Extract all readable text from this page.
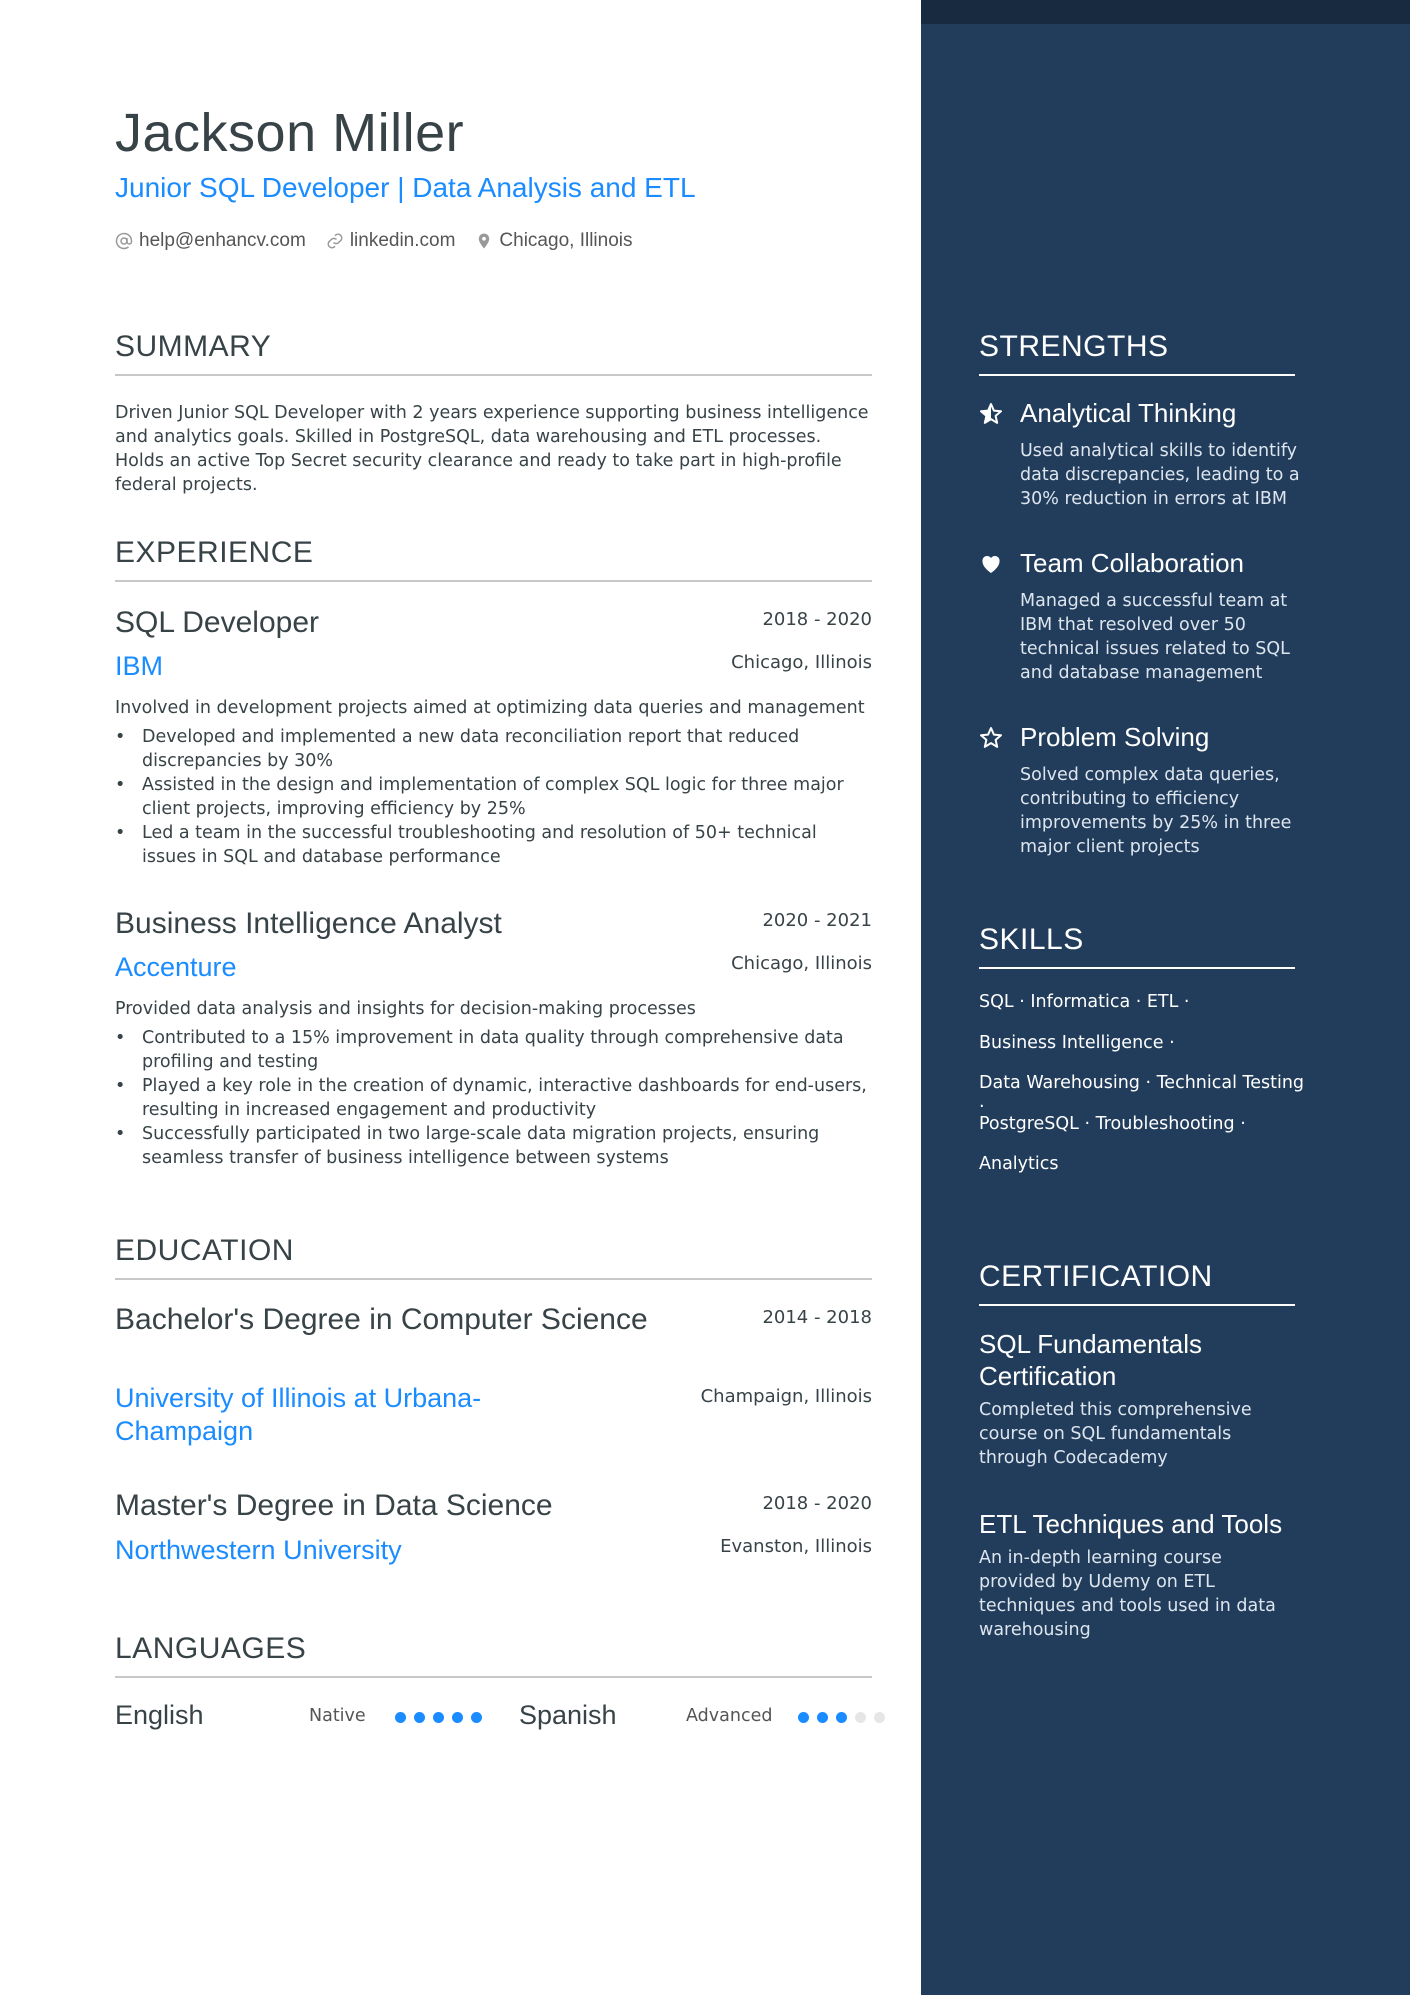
Jackson Miller
Junior SQL Developer | Data Analysis and ETL
help@enhancv.com linkedin.com Chicago, Illinois
SUMMARY
Driven Junior SQL Developer with 2 years experience supporting business intelligence and analytics goals. Skilled in PostgreSQL, data warehousing and ETL processes. Holds an active Top Secret security clearance and ready to take part in high-profile federal projects.
EXPERIENCE
SQL Developer	2018 - 2020
IBM	Chicago, Illinois
Involved in development projects aimed at optimizing data queries and management
• Developed and implemented a new data reconciliation report that reduced discrepancies by 30%
• Assisted in the design and implementation of complex SQL logic for three major client projects, improving efficiency by 25%
• Led a team in the successful troubleshooting and resolution of 50+ technical issues in SQL and database performance
Business Intelligence Analyst	2020 - 2021
Accenture	Chicago, Illinois
Provided data analysis and insights for decision-making processes
• Contributed to a 15% improvement in data quality through comprehensive data profiling and testing
• Played a key role in the creation of dynamic, interactive dashboards for end-users, resulting in increased engagement and productivity
• Successfully participated in two large-scale data migration projects, ensuring seamless transfer of business intelligence between systems
EDUCATION
Bachelor's Degree in Computer Science	2014 - 2018
University of Illinois at Urbana-Champaign
Champaign, Illinois
Master's Degree in Data Science	2018 - 2020
Northwestern University	Evanston, Illinois
LANGUAGES
English	Native	Spanish	Advanced
STRENGTHS
Analytical Thinking
Used analytical skills to identify data discrepancies, leading to a 30% reduction in errors at IBM
Team Collaboration
Managed a successful team at IBM that resolved over 50 technical issues related to SQL and database management
Problem Solving
Solved complex data queries, contributing to efficiency improvements by 25% in three major client projects
SKILLS
SQL · Informatica · ETL ·
Business Intelligence ·
Data Warehousing · Technical Testing ·
PostgreSQL · Troubleshooting ·
Analytics
CERTIFICATION
SQL Fundamentals Certification
Completed this comprehensive course on SQL fundamentals through Codecademy
ETL Techniques and Tools
An in-depth learning course provided by Udemy on ETL techniques and tools used in data warehousing
